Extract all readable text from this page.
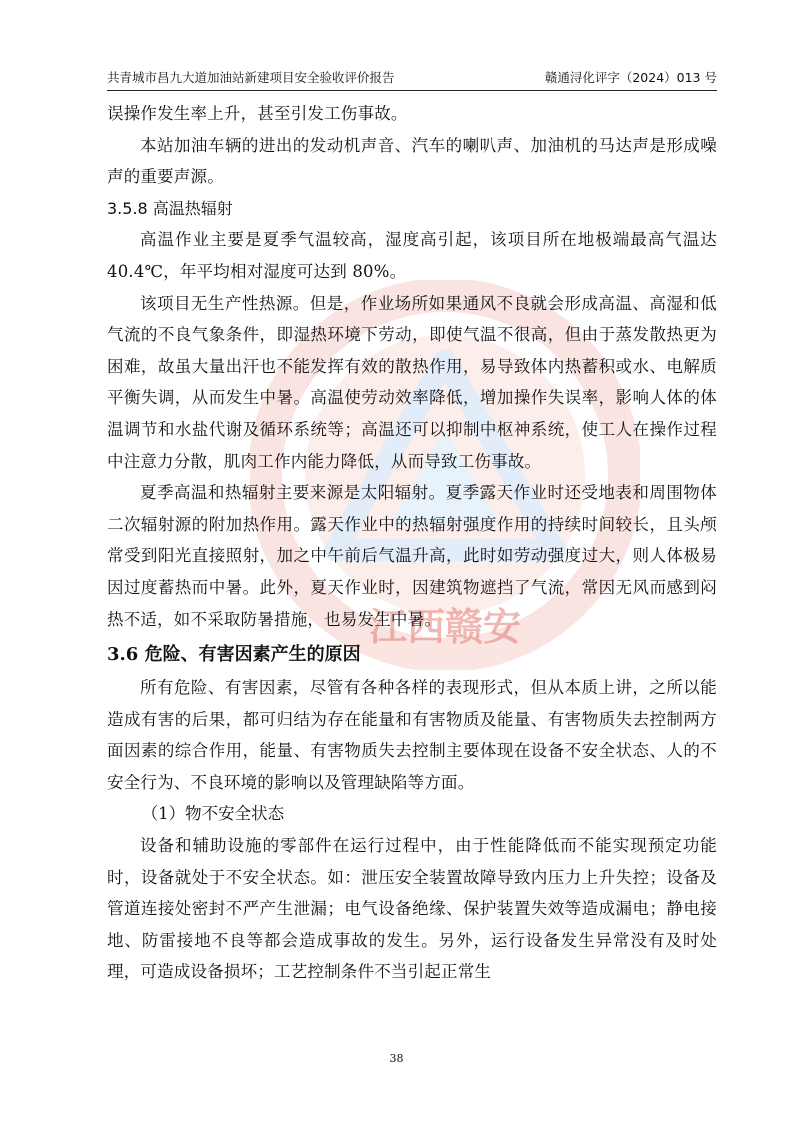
共青城市昌九大道加油站新建项目安全验收评价报告	赣通浔化评字（2024）013 号
江西赣安

误操作发生率上升，甚至引发工伤事故。

本站加油车辆的进出的发动机声音、汽车的喇叭声、加油机的马达声是形成噪声的重要声源。

3.5.8 高温热辐射

高温作业主要是夏季气温较高，湿度高引起，该项目所在地极端最高气温达 40.4℃，年平均相对湿度可达到 80%。

该项目无生产性热源。但是，作业场所如果通风不良就会形成高温、高湿和低气流的不良气象条件，即湿热环境下劳动，即使气温不很高，但由于蒸发散热更为困难，故虽大量出汗也不能发挥有效的散热作用，易导致体内热蓄积或水、电解质平衡失调，从而发生中暑。高温使劳动效率降低，增加操作失误率，影响人体的体温调节和水盐代谢及循环系统等；高温还可以抑制中枢神系统，使工人在操作过程中注意力分散，肌肉工作内能力降低，从而导致工伤事故。

夏季高温和热辐射主要来源是太阳辐射。夏季露天作业时还受地表和周围物体二次辐射源的附加热作用。露天作业中的热辐射强度作用的持续时间较长，且头颅常受到阳光直接照射，加之中午前后气温升高，此时如劳动强度过大，则人体极易因过度蓄热而中暑。此外，夏天作业时，因建筑物遮挡了气流，常因无风而感到闷热不适，如不采取防暑措施，也易发生中暑。

3.6 危险、有害因素产生的原因

所有危险、有害因素，尽管有各种各样的表现形式，但从本质上讲，之所以能造成有害的后果，都可归结为存在能量和有害物质及能量、有害物质失去控制两方面因素的综合作用，能量、有害物质失去控制主要体现在设备不安全状态、人的不安全行为、不良环境的影响以及管理缺陷等方面。

（1）物不安全状态

设备和辅助设施的零部件在运行过程中，由于性能降低而不能实现预定功能时，设备就处于不安全状态。如：泄压安全装置故障导致内压力上升失控；设备及管道连接处密封不严产生泄漏；电气设备绝缘、保护装置失效等造成漏电；静电接地、防雷接地不良等都会造成事故的发生。另外，运行设备发生异常没有及时处理，可造成设备损坏；工艺控制条件不当引起正常生

38
